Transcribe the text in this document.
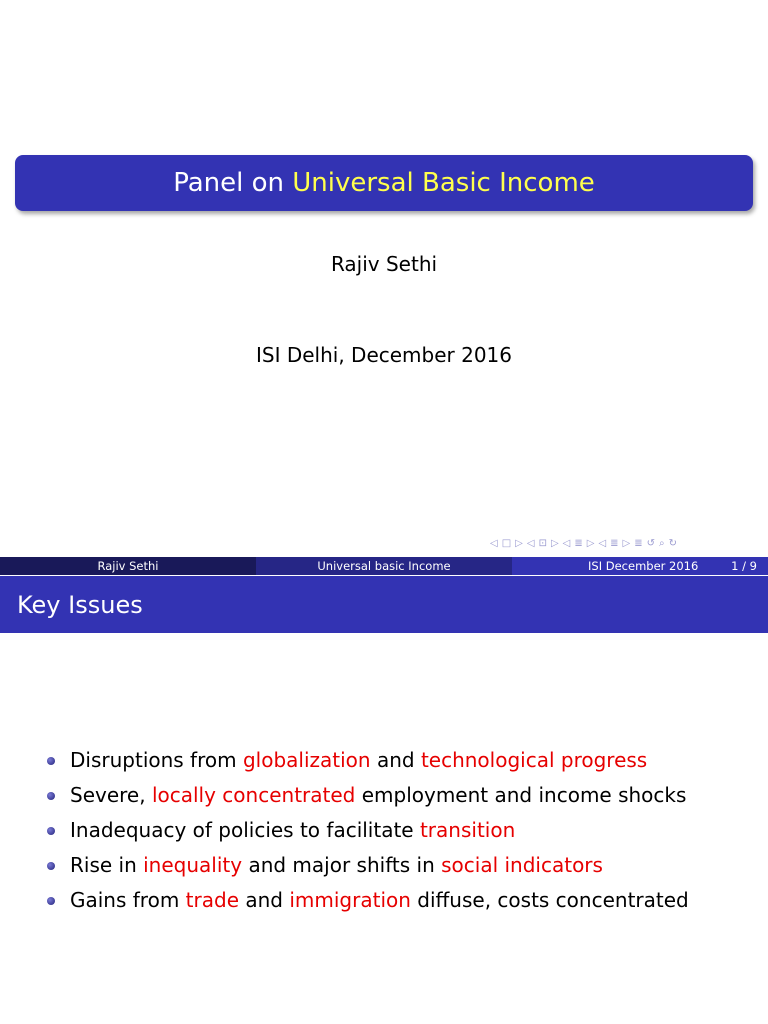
Panel on
Universal Basic Income
Rajiv Sethi
ISI Delhi, December 2016
◁ □ ▷ ◁ ⊡ ▷ ◁ ≣ ▷ ◁ ≣ ▷ ≣ ↺ ⌕ ↻
Rajiv Sethi	Universal basic Income	ISI December 2016	1 / 9
Key Issues
Disruptions from globalization and technological progress
Severe, locally concentrated employment and income shocks
Inadequacy of policies to facilitate transition
Rise in inequality and major shifts in social indicators
Gains from trade and immigration diffuse, costs concentrated
